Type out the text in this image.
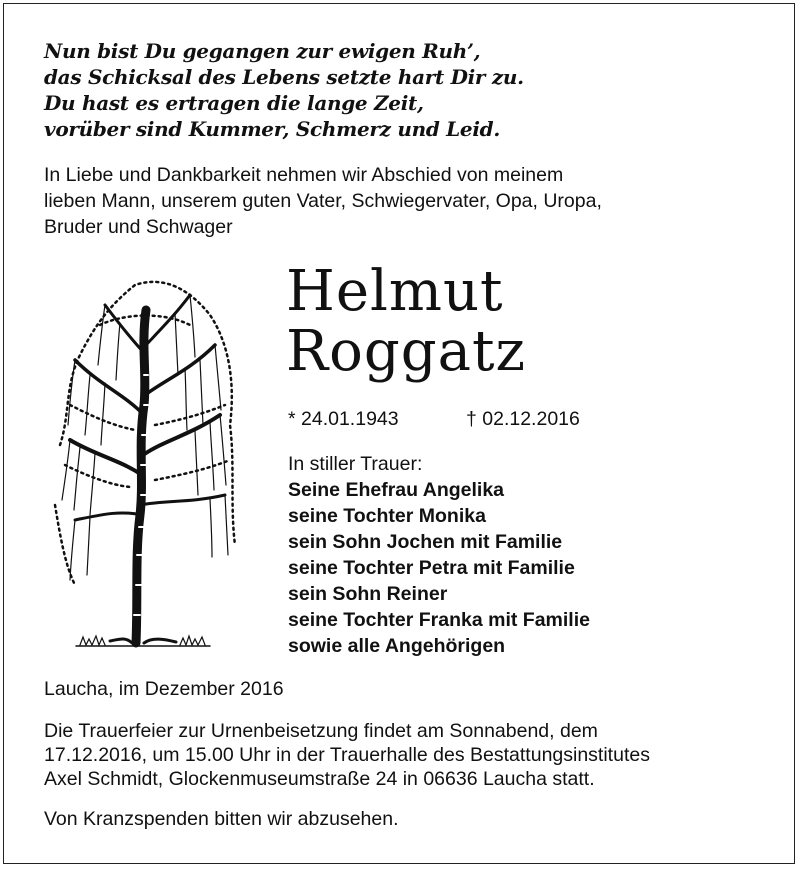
Nun bist Du gegangen zur ewigen Ruh’,
das Schicksal des Lebens setzte hart Dir zu.
Du hast es ertragen die lange Zeit,
vorüber sind Kummer, Schmerz und Leid.
In Liebe und Dankbarkeit nehmen wir Abschied von meinem
lieben Mann, unserem guten Vater, Schwiegervater, Opa, Uropa,
Bruder und Schwager
Helmut
Roggatz
* 24.01.1943	† 02.12.2016
In stiller Trauer:
Seine Ehefrau Angelika
seine Tochter Monika
sein Sohn Jochen mit Familie
seine Tochter Petra mit Familie
sein Sohn Reiner
seine Tochter Franka mit Familie
sowie alle Angehörigen
Laucha, im Dezember 2016
Die Trauerfeier zur Urnenbeisetzung findet am Sonnabend, dem
17.12.2016, um 15.00 Uhr in der Trauerhalle des Bestattungsinstitutes
Axel Schmidt, Glockenmuseumstraße 24 in 06636 Laucha statt.
Von Kranzspenden bitten wir abzusehen.
